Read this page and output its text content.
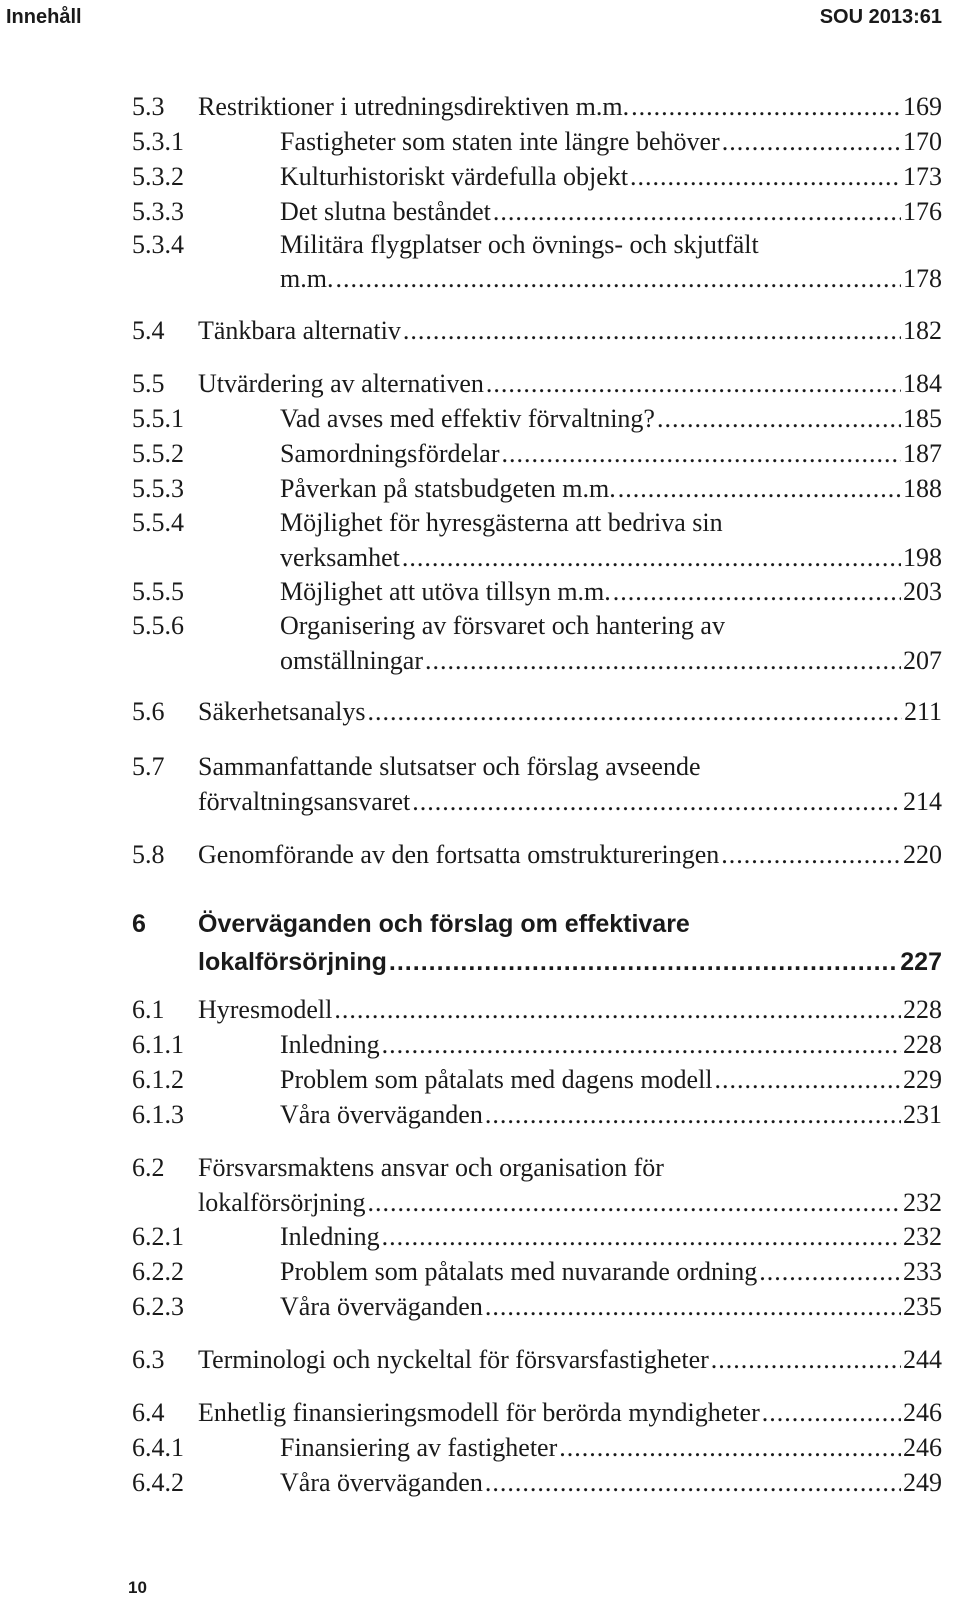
Innehåll	SOU 2013:61
5.3 Restriktioner i utredningsdirektiven m.m. .....	169
5.3.1	Fastigheter som staten inte längre behöver .....	170
5.3.2	Kulturhistoriskt värdefulla objekt .....	173
5.3.3	Det slutna beståndet .....	176
5.3.4	Militära flygplatser och övnings- och skjutfält
m.m. .....	178
5.4 Tänkbara alternativ .....	182
5.5 Utvärdering av alternativen .....	184
5.5.1	Vad avses med effektiv förvaltning? .....	185
5.5.2	Samordningsfördelar .....	187
5.5.3	Påverkan på statsbudgeten m.m. .....	188
5.5.4	Möjlighet för hyresgästerna att bedriva sin
verksamhet .....	198
5.5.5	Möjlighet att utöva tillsyn m.m. .....	203
5.5.6	Organisering av försvaret och hantering av
omställningar .....	207
5.6 Säkerhetsanalys .....	211
5.7 Sammanfattande slutsatser och förslag avseende
förvaltningsansvaret .....	214
5.8 Genomförande av den fortsatta omstruktureringen .....	220
6 Överväganden och förslag om effektivare
lokalförsörjning .....	227
6.1 Hyresmodell .....	228
6.1.1	Inledning .....	228
6.1.2	Problem som påtalats med dagens modell .....	229
6.1.3	Våra överväganden .....	231
6.2 Försvarsmaktens ansvar och organisation för
lokalförsörjning .....	232
6.2.1	Inledning .....	232
6.2.2	Problem som påtalats med nuvarande ordning .....	233
6.2.3	Våra överväganden .....	235
6.3 Terminologi och nyckeltal för försvarsfastigheter .....	244
6.4 Enhetlig finansieringsmodell för berörda myndigheter .....	246
6.4.1	Finansiering av fastigheter .....	246
6.4.2	Våra överväganden .....	249
10
